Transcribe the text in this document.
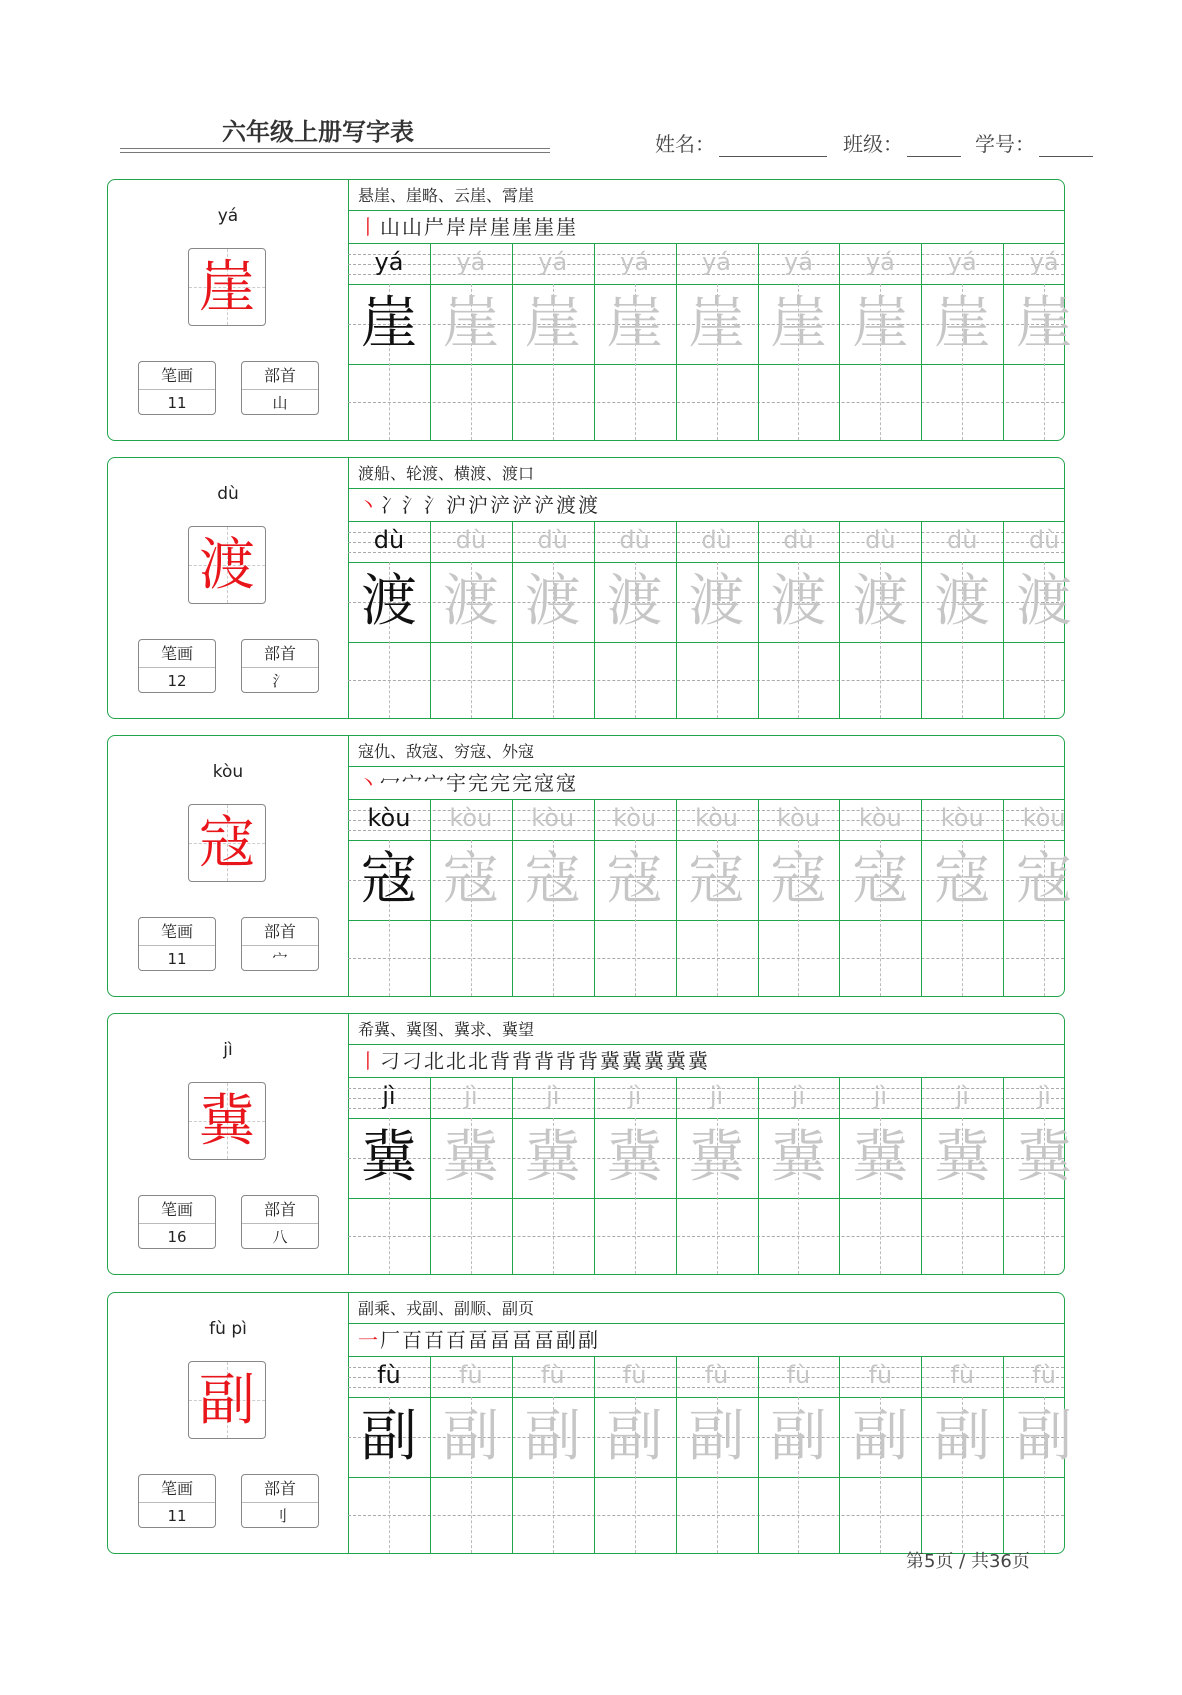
六年级上册写字表	姓名：	班级：	学号：
yá
崖
笔画
11
部首
山
悬崖、崖略、云崖、霄崖
丨山山屵岸岸崖崖崖崖
yá
崖
yá
崖
yá
崖
yá
崖
yá
崖
yá
崖
yá
崖
yá
崖
yá
崖
dù
渡
笔画
12
部首
氵
渡船、轮渡、横渡、渡口
丶冫氵氵沪沪浐浐浐渡渡
dù
渡
dù
渡
dù
渡
dù
渡
dù
渡
dù
渡
dù
渡
dù
渡
dù
渡
kòu
寇
笔画
11
部首
宀
寇仇、敌寇、穷寇、外寇
丶冖宀宀宇完完完寇寇
kòu
寇
kòu
寇
kòu
寇
kòu
寇
kòu
寇
kòu
寇
kòu
寇
kòu
寇
kòu
寇
jì
冀
笔画
16
部首
八
希冀、冀图、冀求、冀望
丨刁刁北北北背背背背背冀冀冀冀冀
jì
冀
jì
冀
jì
冀
jì
冀
jì
冀
jì
冀
jì
冀
jì
冀
jì
冀
fù pì
副
笔画
11
部首
刂
副乘、戎副、副顺、副页
一厂百百百畐畐畐畐副副
fù
副
fù
副
fù
副
fù
副
fù
副
fù
副
fù
副
fù
副
fù
副
第5页 / 共36页
